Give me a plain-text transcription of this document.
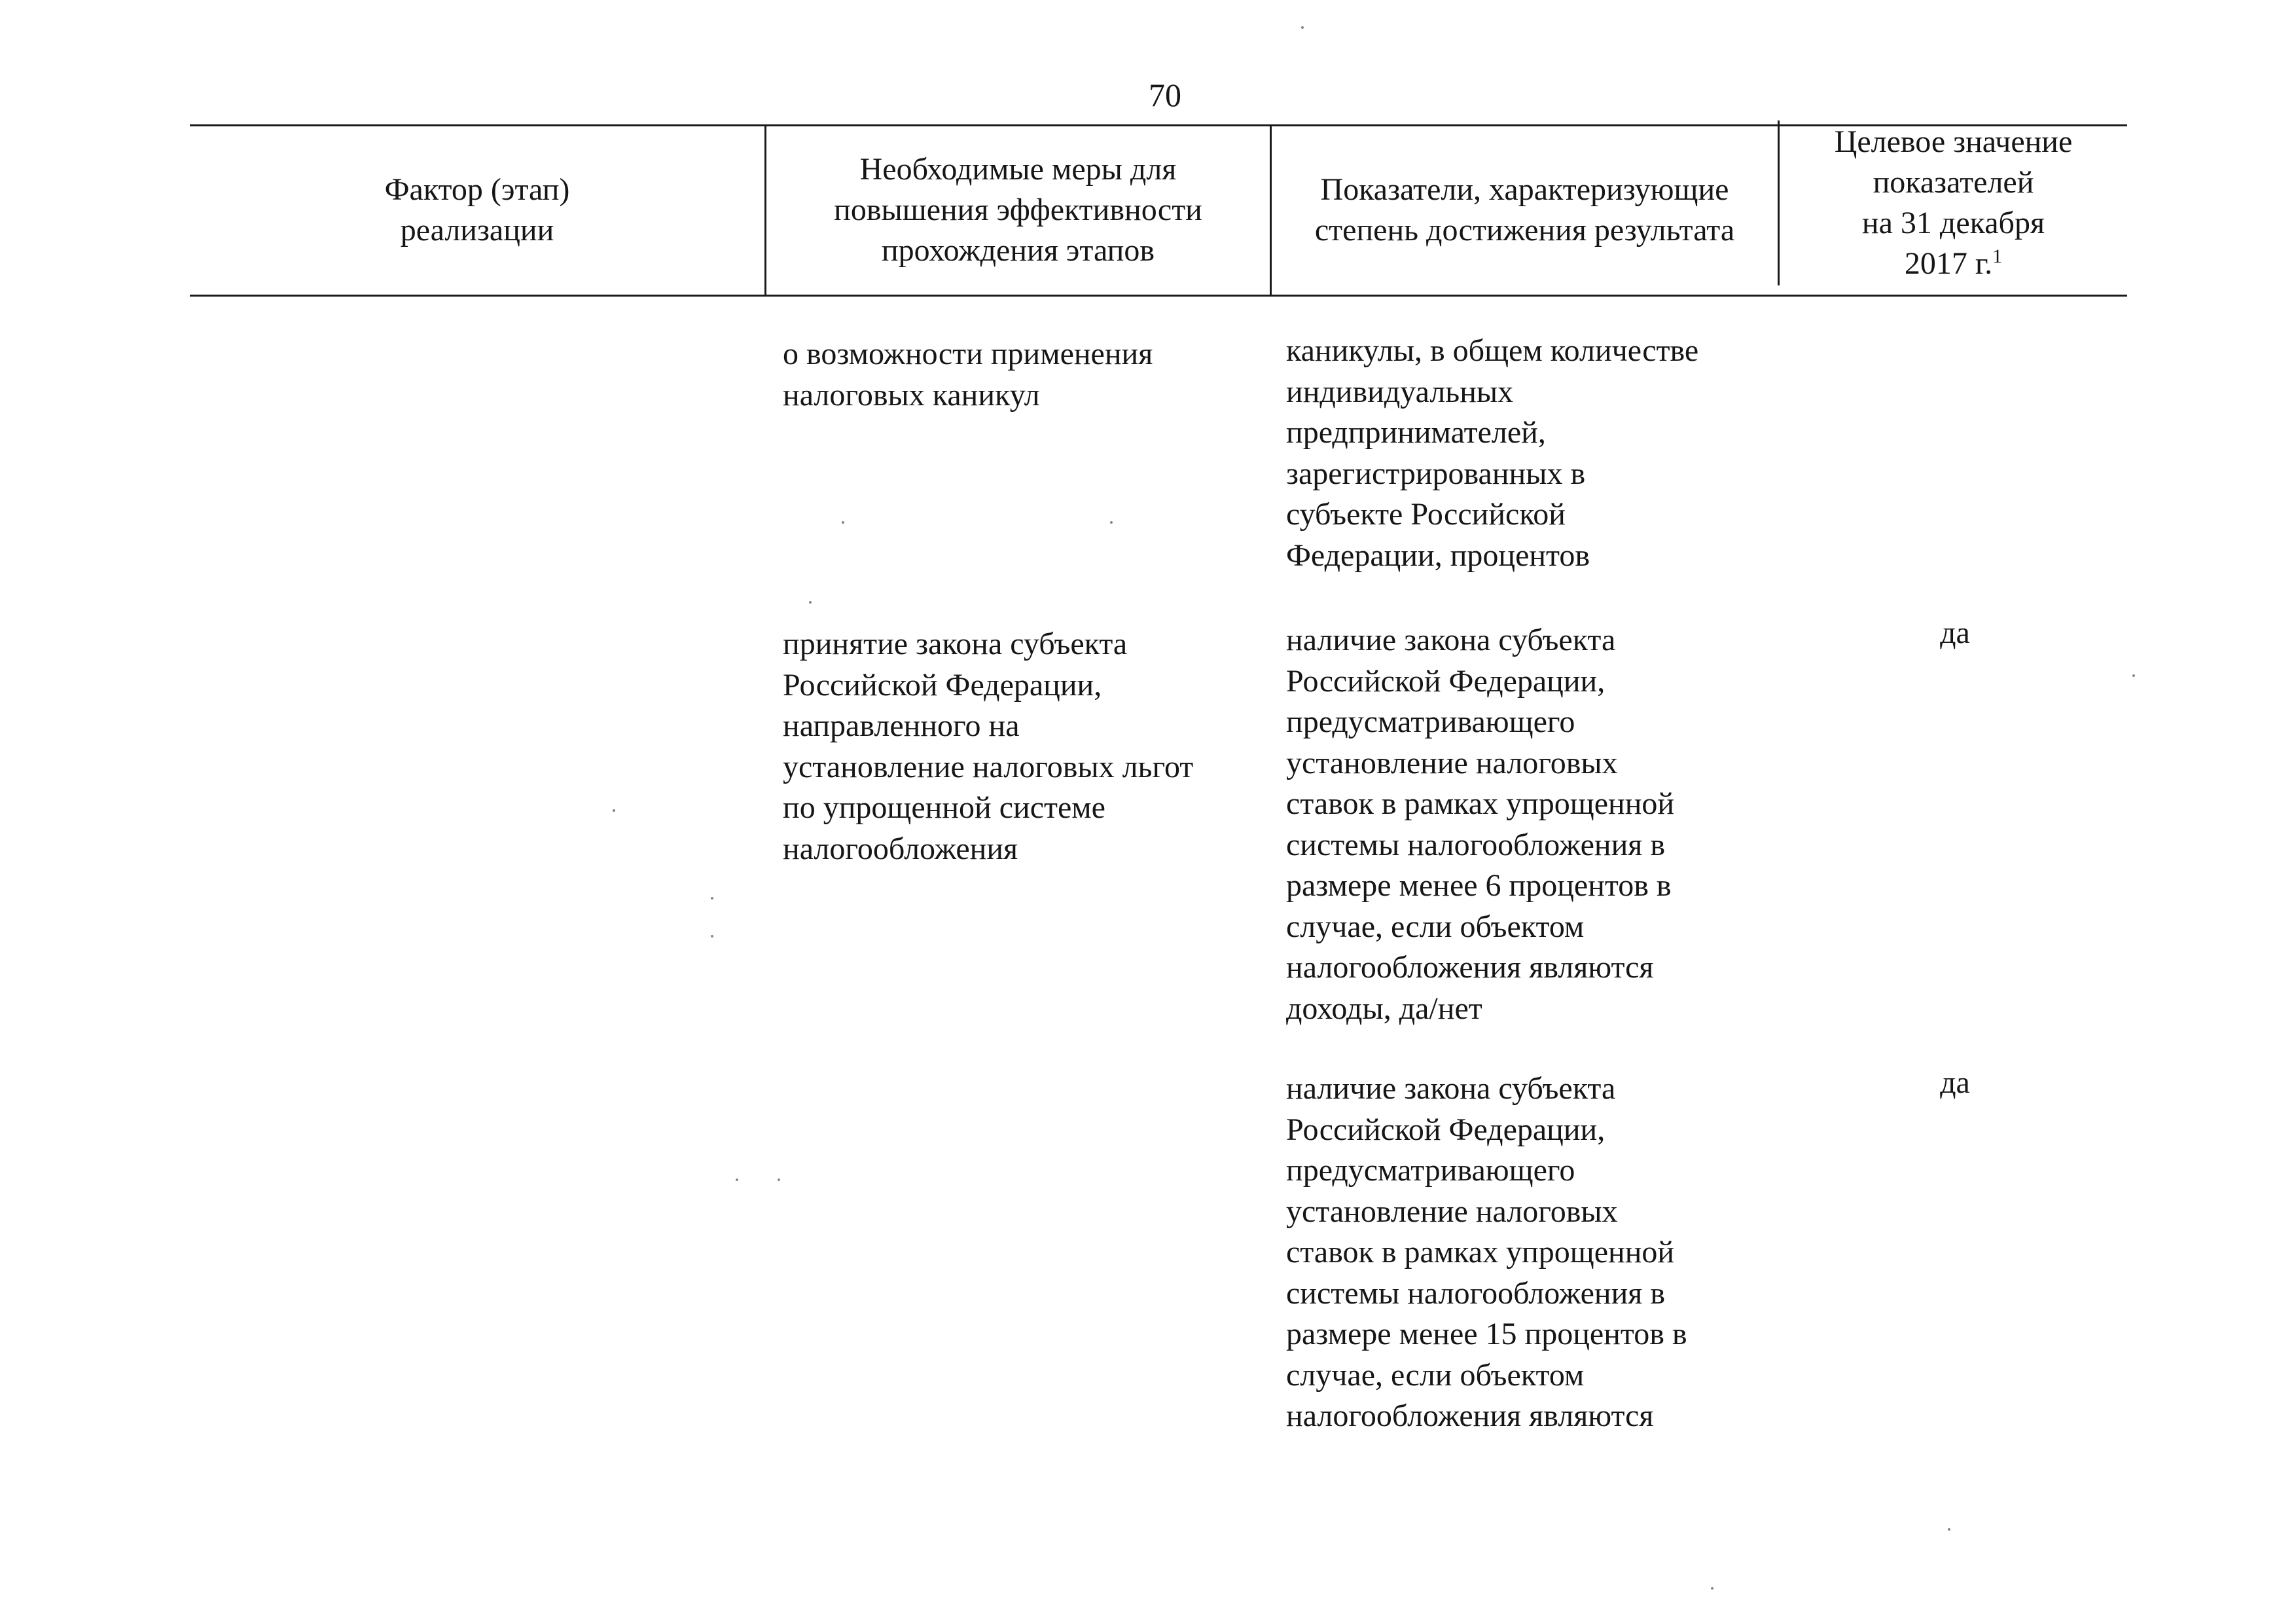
70
Фактор (этап)
реализации
Необходимые меры для
повышения эффективности
прохождения этапов
Показатели, характеризующие
степень достижения результата
Целевое значение
показателей
на 31 декабря
2017 г.$^1$
о возможности применения
налоговых каникул
каникулы, в общем количестве
индивидуальных
предпринимателей,
зарегистрированных в
субъекте Российской
Федерации, процентов
принятие закона субъекта
Российской Федерации,
направленного на
установление налоговых льгот
по упрощенной системе
налогообложения
наличие закона субъекта
Российской Федерации,
предусматривающего
установление налоговых
ставок в рамках упрощенной
системы налогообложения в
размере менее 6 процентов в
случае, если объектом
налогообложения являются
доходы, да/нет
да
наличие закона субъекта
Российской Федерации,
предусматривающего
установление налоговых
ставок в рамках упрощенной
системы налогообложения в
размере менее 15 процентов в
случае, если объектом
налогообложения являются
да
